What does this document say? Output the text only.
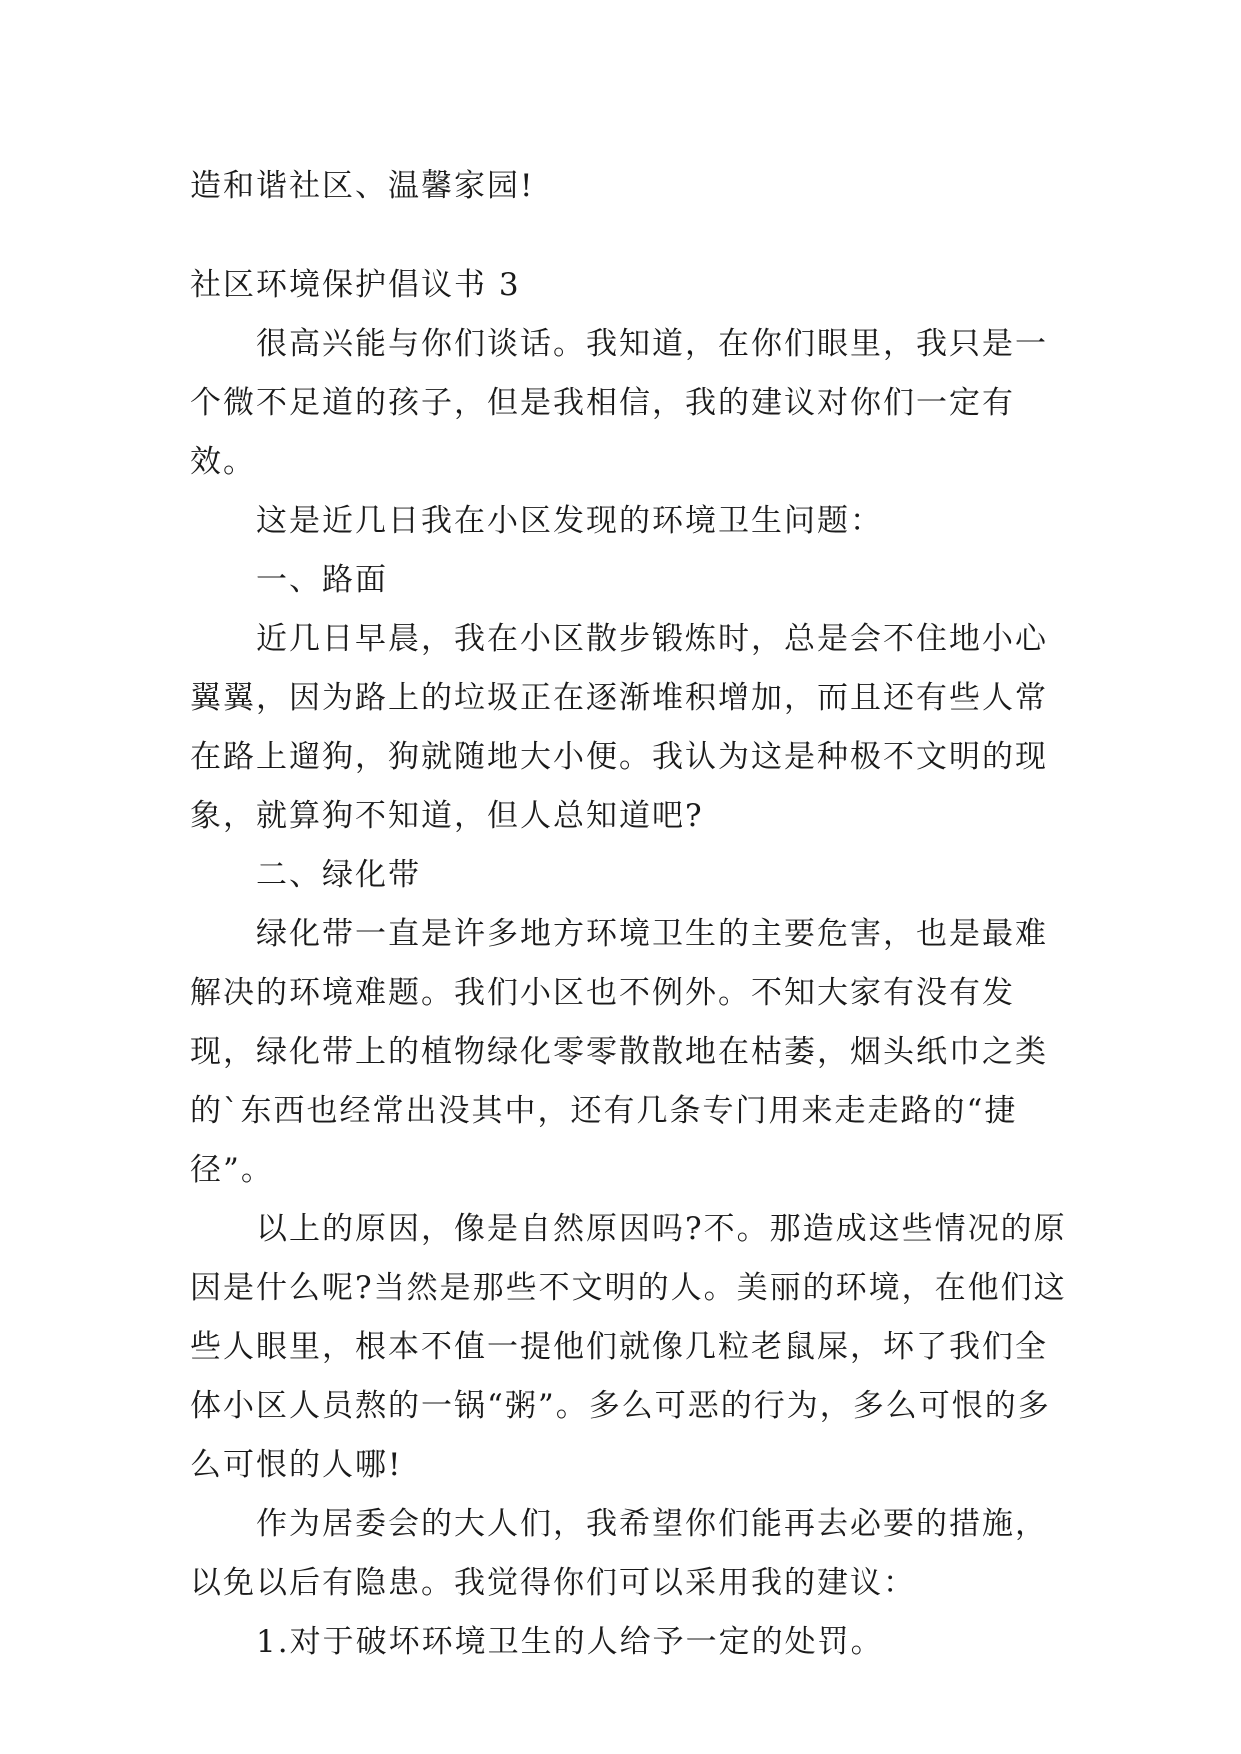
造和谐社区、温馨家园!

社区环境保护倡议书 3

很高兴能与你们谈话。我知道，在你们眼里，我只是一个微不足道的孩子，但是我相信，我的建议对你们一定有效。

这是近几日我在小区发现的环境卫生问题：

一、路面

近几日早晨，我在小区散步锻炼时，总是会不住地小心翼翼，因为路上的垃圾正在逐渐堆积增加，而且还有些人常在路上遛狗，狗就随地大小便。我认为这是种极不文明的现象，就算狗不知道，但人总知道吧?

二、绿化带

绿化带一直是许多地方环境卫生的主要危害，也是最难解决的环境难题。我们小区也不例外。不知大家有没有发现，绿化带上的植物绿化零零散散地在枯萎，烟头纸巾之类的`东西也经常出没其中，还有几条专门用来走走路的“捷径”。

以上的原因，像是自然原因吗?不。那造成这些情况的原因是什么呢?当然是那些不文明的人。美丽的环境，在他们这些人眼里，根本不值一提他们就像几粒老鼠屎，坏了我们全体小区人员熬的一锅“粥”。多么可恶的行为，多么可恨的多么可恨的人哪!

作为居委会的大人们，我希望你们能再去必要的措施，以免以后有隐患。我觉得你们可以采用我的建议：

1.对于破坏环境卫生的人给予一定的处罚。
